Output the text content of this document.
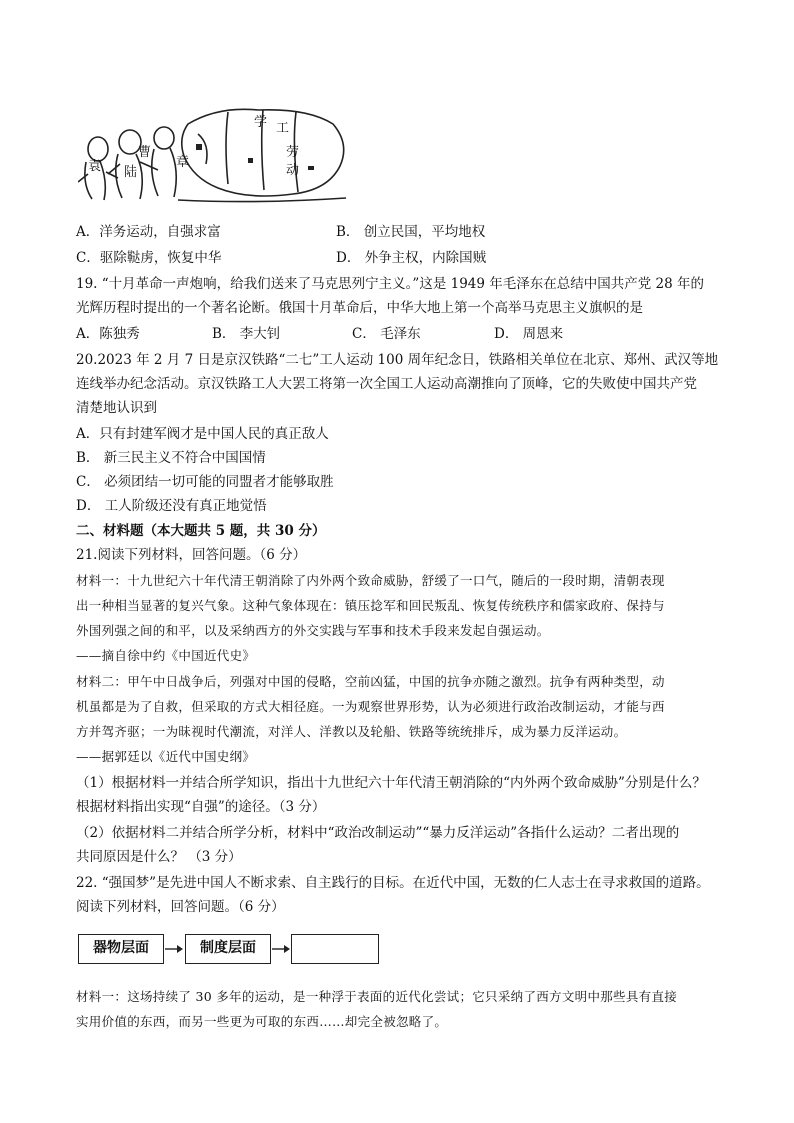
袁
曹
陆
章
学 工
劳
动
A．洋务运动，自强求富	B． 创立民国，平均地权
C．驱除鞑虏，恢复中华	D． 外争主权，内除国贼
19. “十月革命一声炮响，给我们送来了马克思列宁主义。”这是 1949 年毛泽东在总结中国共产党 28 年的
光辉历程时提出的一个著名论断。俄国十月革命后，中华大地上第一个高举马克思主义旗帜的是
A．陈独秀	B． 李大钊	C． 毛泽东	D． 周恩来
20.2023 年 2 月 7 日是京汉铁路“二七”工人运动 100 周年纪念日，铁路相关单位在北京、郑州、武汉等地
连线举办纪念活动。京汉铁路工人大罢工将第一次全国工人运动高潮推向了顶峰，它的失败使中国共产党
清楚地认识到
A．只有封建军阀才是中国人民的真正敌人
B． 新三民主义不符合中国国情
C． 必须团结一切可能的同盟者才能够取胜
D． 工人阶级还没有真正地觉悟
二、材料题（本大题共 5 题，共 30 分）
21.阅读下列材料，回答问题。（6 分）
材料一：十九世纪六十年代清王朝消除了内外两个致命威胁，舒缓了一口气，随后的一段时期，清朝表现
出一种相当显著的复兴气象。这种气象体现在：镇压捻军和回民叛乱、恢复传统秩序和儒家政府、保持与
外国列强之间的和平，以及采纳西方的外交实践与军事和技术手段来发起自强运动。
——摘自徐中约《中国近代史》
材料二：甲午中日战争后，列强对中国的侵略，空前凶猛，中国的抗争亦随之激烈。抗争有两种类型，动
机虽都是为了自救，但采取的方式大相径庭。一为观察世界形势，认为必须进行政治改制运动，才能与西
方并驾齐驱；一为昧视时代潮流，对洋人、洋教以及轮船、铁路等统统排斥，成为暴力反洋运动。
——据郭廷以《近代中国史纲》
（1）根据材料一并结合所学知识，指出十九世纪六十年代清王朝消除的“内外两个致命威胁”分别是什么？
根据材料指出实现“自强”的途径。（3 分）
（2）依据材料二并结合所学分析，材料中“政治改制运动”“暴力反洋运动”各指什么运动？二者出现的
共同原因是什么？ （3 分）
22. “强国梦”是先进中国人不断求索、自主践行的目标。在近代中国，无数的仁人志士在寻求救国的道路。
阅读下列材料，回答问题。（6 分）
器物层面	制度层面
材料一：这场持续了 30 多年的运动，是一种浮于表面的近代化尝试；它只采纳了西方文明中那些具有直接
实用价值的东西，而另一些更为可取的东西……却完全被忽略了。
